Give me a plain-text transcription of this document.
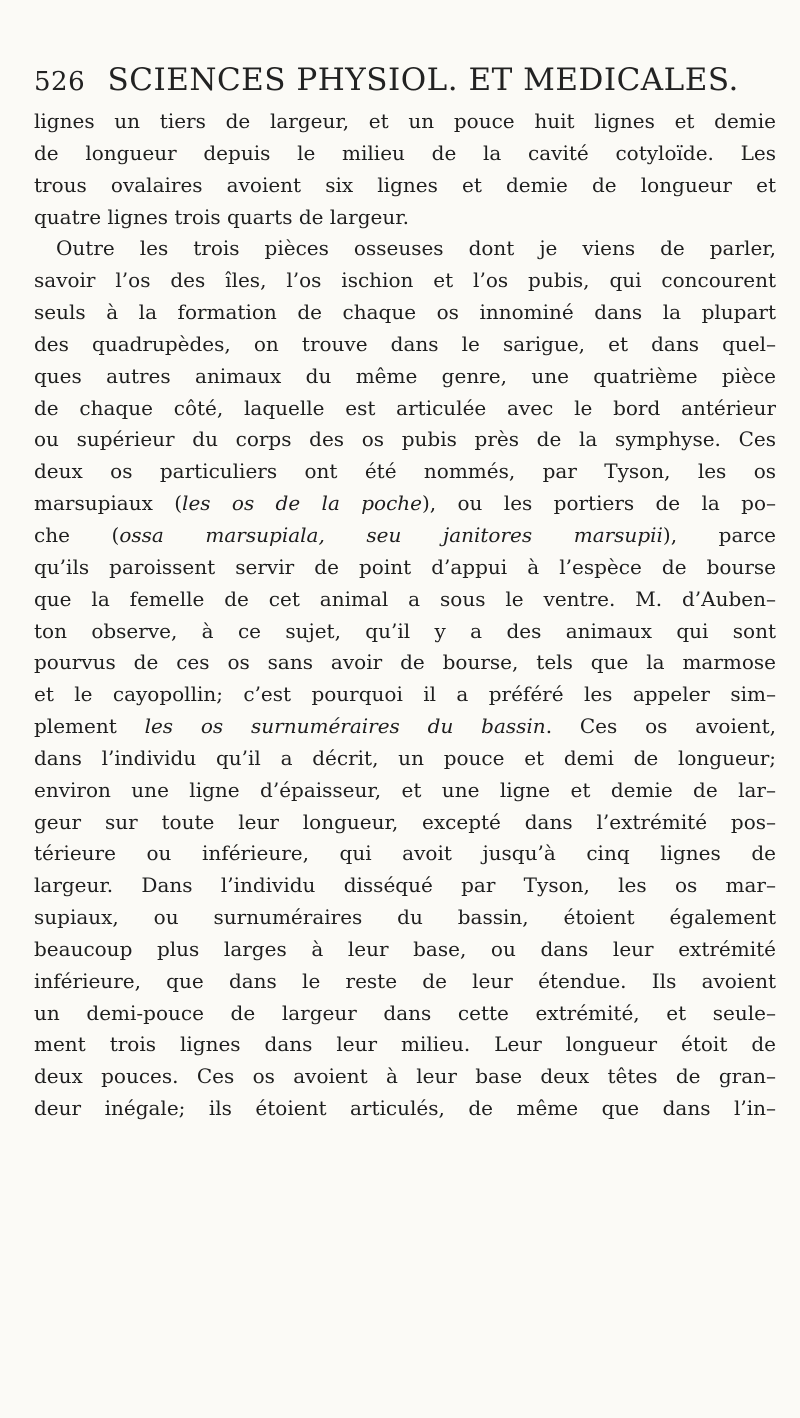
526 SCIENCES PHYSIOL. ET MEDICALES.
lignes un tiers de largeur, et un pouce huit lignes et demie
de longueur depuis le milieu de la cavité cotyloïde. Les
trous ovalaires avoient six lignes et demie de longueur et
quatre lignes trois quarts de largeur.
Outre les trois pièces osseuses dont je viens de parler,
savoir l’os des îles, l’os ischion et l’os pubis, qui concourent
seuls à la formation de chaque os innominé dans la plupart
des quadrupèdes, on trouve dans le sarigue, et dans quel–
ques autres animaux du même genre, une quatrième pièce
de chaque côté, laquelle est articulée avec le bord antérieur
ou supérieur du corps des os pubis près de la symphyse. Ces
deux os particuliers ont été nommés, par Tyson, les os
marsupiaux (les os de la poche), ou les portiers de la po–
che (ossa marsupiala, seu janitores marsupii), parce
qu’ils paroissent servir de point d’appui à l’espèce de bourse
que la femelle de cet animal a sous le ventre. M. d’Auben–
ton observe, à ce sujet, qu’il y a des animaux qui sont
pourvus de ces os sans avoir de bourse, tels que la marmose
et le cayopollin; c’est pourquoi il a préféré les appeler sim–
plement les os surnuméraires du bassin. Ces os avoient,
dans l’individu qu’il a décrit, un pouce et demi de longueur;
environ une ligne d’épaisseur, et une ligne et demie de lar–
geur sur toute leur longueur, excepté dans l’extrémité pos–
térieure ou inférieure, qui avoit jusqu’à cinq lignes de
largeur. Dans l’individu disséqué par Tyson, les os mar–
supiaux, ou surnuméraires du bassin, étoient également
beaucoup plus larges à leur base, ou dans leur extrémité
inférieure, que dans le reste de leur étendue. Ils avoient
un demi-pouce de largeur dans cette extrémité, et seule–
ment trois lignes dans leur milieu. Leur longueur étoit de
deux pouces. Ces os avoient à leur base deux têtes de gran–
deur inégale; ils étoient articulés, de même que dans l’in–
